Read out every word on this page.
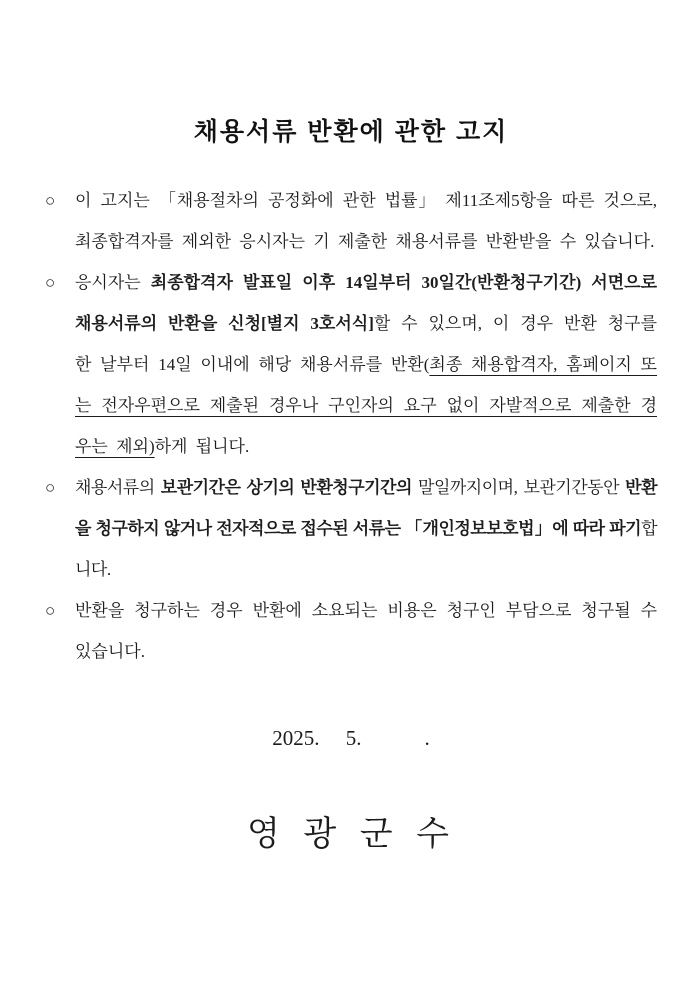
채용서류 반환에 관한 고지
○ 이 고지는 「채용절차의 공정화에 관한 법률」 제11조제5항을 따른 것으로, 최종합격자를 제외한 응시자는 기 제출한 채용서류를 반환받을 수 있습니다.
○ 응시자는 최종합격자 발표일 이후 14일부터 30일간(반환청구기간) 서면으로 채용서류의 반환을 신청[별지 3호서식]할 수 있으며, 이 경우 반환 청구를 한 날부터 14일 이내에 해당 채용서류를 반환(최종 채용합격자, 홈페이지 또는 전자우편으로 제출된 경우나 구인자의 요구 없이 자발적으로 제출한 경우는 제외)하게 됩니다.
○ 채용서류의 보관기간은 상기의 반환청구기간의 말일까지이며, 보관기간동안 반환을 청구하지 않거나 전자적으로 접수된 서류는 「개인정보보호법」에 따라 파기합니다.
○ 반환을 청구하는 경우 반환에 소요되는 비용은 청구인 부담으로 청구될 수 있습니다.
2025.     5.            .
영 광 군 수
